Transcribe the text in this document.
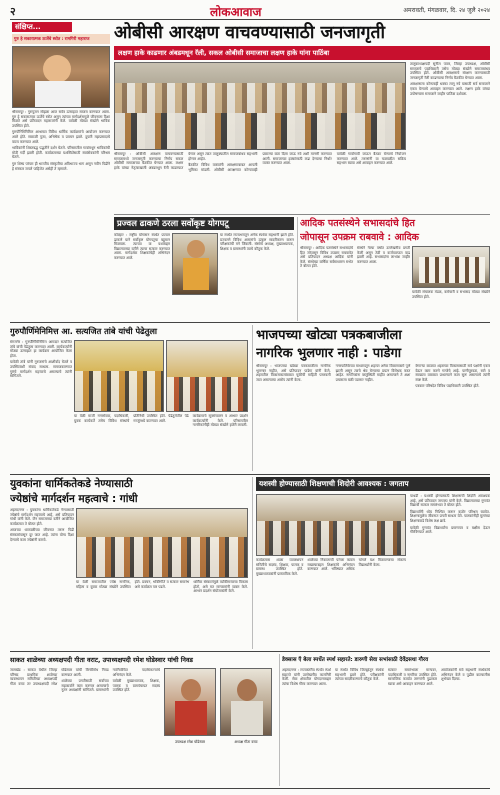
२	लोकआवाज	अमरावती, मंगळवार, दि. २४ जुलै २०२४
संक्षिप्त...
गुरु हे सकारात्मक ऊर्जेचे स्त्रोत : रामगिरी महाराज

श्रीरामपूर : गुरुपूजन सोहळा आज सर्वत्र उत्साहात साजरा करण्यात आला. गुरु हे सकारात्मक ऊर्जेचे स्त्रोत असून त्यांच्या मार्गदर्शनामुळे जीवनाला दिशा मिळते असे प्रतिपादन महाराजांनी केले. यावेळी मोठ्या संख्येने भाविक उपस्थित होते.

गुरुपौर्णिमेनिमित्त आश्रमात विविध धार्मिक कार्यक्रमांचे आयोजन करण्यात आले होते. सकाळी पूजा, अभिषेक व प्रवचन झाले. दुपारी महाप्रसादाचे वाटप करण्यात आले.

भाविकांनी शिस्तबद्ध पद्धतीने दर्शन घेतले. परिसरातील गावांमधून भाविकांची मोठी गर्दी झाली होती. कार्यक्रमाच्या यशस्वितेसाठी स्वयंसेवकांनी परिश्रम घेतले.

गुरु शिष्य परंपरा ही भारतीय संस्कृतीचा अविभाज्य भाग असून नवीन पिढीने हे संस्कार जपले पाहिजेत असेही ते म्हणाले.

ओबीसी आरक्षण वाचवण्यासाठी जनजागृती
लक्षण हाके काढणार अंबडमधून रॅली, सकल ओबीसी समाजाचा लक्षण हाके यांना पाठिंबा

तालुकाध्यक्षपदी सुनील पवार, जिल्हा उपाध्यक्ष, ओबीसी समाजाचे पदाधिकारी तसेच मोठ्या संख्येने समाजबांधव उपस्थित होते. ओबीसी आरक्षणाचे संरक्षण करण्यासाठी जनजागृती रॅली काढण्याचा निर्णय बैठकीत घेण्यात आला.

आरक्षणाला कोणताही धक्का लागू नये यासाठी सर्व समाजाने एकत्र येण्याचे आवाहन करण्यात आले. लक्षण हाके यांच्या उपोषणाला समाजाने जाहीर पाठिंबा दर्शवला.

श्रीरामपूर : ओबीसी आरक्षण वाचवण्यासाठी समाजामध्ये जनजागृती करण्याचा निर्णय सकल ओबीसी समाजाच्या बैठकीत घेण्यात आला. लक्षण हाके यांच्या नेतृत्वाखाली अंबडमधून रॅली काढण्यात येणार असून त्यात तालुक्यातील समाजबांधव सहभागी होणार आहेत.

बैठकीत विविध वक्त्यांनी आरक्षणाबाबत आपली भूमिका मांडली. ओबीसी आरक्षणात कोणत्याही प्रकारचा वाटा दिला जाऊ नये अशी मागणी करण्यात आली. समाजाच्या हक्कांसाठी लढा देण्याचा निर्धार व्यक्त करण्यात आला.

यावेळी गावोगावी जाऊन बैठका घेण्याचे नियोजन करण्यात आले. तरुणांनी या चळवळीत सक्रिय सहभाग घ्यावा असे आवाहन करण्यात आले.

प्रज्वल ढाकणे ठरला सर्वोकृष्ट योगपटू

कोल्हार : राष्ट्रीय योगासन स्पर्धेत प्रज्वल ढाकणे याने सर्वोकृष्ट योगपटूचा बहुमान मिळवला. त्याच्या या यशाबद्दल विद्यालयाच्या वतीने त्याचा सत्कार करण्यात आला. मार्गदर्शक शिक्षकांचेही अभिनंदन करण्यात आले.

या स्पर्धेत राज्यभरातून अनेक स्पर्धक सहभागी झाले होते. प्रज्वलने विविध आसनांचे उत्कृष्ट सादरीकरण करून परीक्षकांची मने जिंकली. संस्थेचे अध्यक्ष, मुख्याध्यापक, शिक्षक व ग्रामस्थांनी त्याचे कौतुक केले.

आदिक पतसंस्थेने सभासदांचे हित
जोपासून उपक्रम राबवावे : आदिक

श्रीरामपूर : आदिक पतसंस्थेने सभासदांचे हित जोपासून विविध उपक्रम राबवावेत असे प्रतिपादन अध्यक्ष आदिक यांनी केले. संस्थेच्या वार्षिक सर्वसाधारण सभेत ते बोलत होते.

संस्थेने गेल्या वर्षात उल्लेखनीय प्रगती केली असून ठेवी व कर्जवाटपात वाढ झाली आहे. सभासदांना लाभांश जाहीर करण्यात आला.

यावेळी संचालक मंडळ, कर्मचारी व सभासद मोठ्या संख्येने उपस्थित होते.

गुरुपौर्णिमेनिमित्त आ. सत्यजित तांबे यांची पेढेतुला

संगमनेर : गुरुपौर्णिमेनिमित्त आमदार सत्यजित तांबे यांची पेढेतुला करण्यात आली. कार्यकर्त्यांनी मोठ्या उत्साहात हा कार्यक्रम आयोजित केला होता.

यावेळी तांबे यांनी गुरुजनांचे आशीर्वाद घेतले व उपस्थितांशी संवाद साधला. समाजकारणात गुरुंचे मार्गदर्शन महत्त्वाचे असल्याचे त्यांनी सांगितले.

या वेळी माजी नगरसेवक, पदाधिकारी, युवक कार्यकर्ते तसेच विविध संस्थांचे प्रतिनिधी उपस्थित होते. पेढेतुलेतील पेढे गरजूंमध्ये वाटण्यात आले.

कार्यक्रमाचे सूत्रसंचालन व आभार प्रदर्शन कार्यकर्त्यांनी केले. परिसरातील नागरिकांनीही मोठ्या संख्येने हजेरी लावली.

भाजपच्या खोट्या पत्रकबाजीला
नागरिक भुलणार नाही : पाडेगा

श्रीरामपूर : भाजपच्या खोट्या पत्रकबाजीला नागरिक भुलणार नाहीत, असे प्रतिपादन पाडेगा यांनी केले. शहरातील विकासकामांबाबत चुकीची माहिती पसरवली जात असल्याचा आरोप त्यांनी केला.

नगरपालिकेच्या माध्यमातून शहरात अनेक विकासकामे पूर्ण झाली असून त्याचे श्रेय घेण्याचा प्रयत्न विरोधक करत आहेत. नागरिकांना वस्तुस्थिती माहीत असल्याने ते अशा प्रचाराला बळी पडणार नाहीत.

येणाऱ्या काळात शहराच्या विकासासाठी सर्व पक्षांनी एकत्र येऊन काम करणे गरजेचे आहे. पाणीपुरवठा, रस्ते व स्वच्छता याबाबत प्राधान्याने काम सुरू असल्याचे त्यांनी स्पष्ट केले.

पत्रकार परिषदेत विविध पदाधिकारी उपस्थित होते.

युवकांना धार्मिकतेकडे नेण्यासाठी
ज्येष्ठांचे मार्गदर्शन महत्वाचे : गांधी

अहमदनगर : युवकांना धार्मिकतेकडे नेण्यासाठी ज्येष्ठांचे मार्गदर्शन महत्त्वाचे आहे, असे प्रतिपादन गांधी यांनी केले. जैन समाजाच्या वतीने आयोजित कार्यक्रमात ते बोलत होते.

आजच्या धावपळीच्या जीवनात तरुण पिढी संस्कारांपासून दूर जात आहे. त्यांना योग्य दिशा देण्याचे काम ज्येष्ठांनी करावे.

या वेळी समाजातील ज्येष्ठ नागरिक, महिला व युवक मोठ्या संख्येने उपस्थित होते. प्रवचन, भक्तिगीते व सत्कार समारंभ असे कार्यक्रम पार पडले.

धार्मिक संस्कारांमुळे व्यक्तिमत्त्वाचा विकास होतो, असे मत मान्यवरांनी व्यक्त केले. आभार प्रदर्शन संयोजकांनी केले.

यशस्वी होण्यासाठी शिक्षणाची शिदोरी आवश्यक : जगताप

पाथर्डी : यशस्वी होण्यासाठी शिक्षणाची शिदोरी आवश्यक आहे, असे प्रतिपादन जगताप यांनी केले. विद्यालयाच्या गुणवंत विद्यार्थी सत्कार समारंभात ते बोलत होते.

विद्यार्थ्यांनी ध्येय निश्चित करून कठोर परिश्रम घ्यावेत. शिक्षणामुळेच जीवनात प्रगती साधता येते. पालकांनीही मुलांच्या शिक्षणाकडे विशेष लक्ष द्यावे.

यावेळी गुणवंत विद्यार्थ्यांना प्रमाणपत्र व बक्षीस देऊन गौरविण्यात आले.

कार्यक्रमास शाळा व्यवस्थापन समितीचे सदस्य, शिक्षक, पालक व ग्रामस्थ उपस्थित होते. मुख्याध्यापकांनी प्रास्ताविक केले.

शाळेच्या निकालाची परंपरा कायम राखल्याबद्दल शिक्षकांचे अभिनंदन करण्यात आले. भविष्यात अधिक चांगले यश मिळवण्याचा संकल्प विद्यार्थ्यांनी केला.

साकत शाळेच्या अध्यक्षपदी गीता वराट, उपाध्यक्षपदी रमेश घोडेस्वार यांची निवड

जामखेड : साकत येथील जिल्हा परिषद प्राथमिक शाळेच्या व्यवस्थापन समितीच्या अध्यक्षपदी गीता वराट तर उपाध्यक्षपदी रमेश घोडेस्वार यांची बिनविरोध निवड करण्यात आली.

शाळेच्या प्रगतीसाठी सर्वांच्या सहकार्याने काम करणार असल्याचे नूतन अध्यक्षांनी सांगितले. ग्रामस्थांनी नवनिर्वाचित पदाधिकाऱ्यांचे अभिनंदन केले.

यावेळी मुख्याध्यापक, शिक्षक, पालक व ग्रामपंचायत सदस्य उपस्थित होते.

उपाध्यक्ष रमेश घोडेस्वार	अध्यक्ष गीता वराट
डेक्सास ऍ बेला स्पर्धेत स्पर्श सहारते: डारुणी सेवा सभांसाठी देवेंद्रसथा गौरव

अहमदनगर : राज्यस्तरीय स्पर्धेत स्पर्श सहारते यांनी उल्लेखनीय कामगिरी केली. सेवा क्षेत्रातील योगदानाबद्दल त्यांचा विशेष गौरव करण्यात आला.

या स्पर्धेत विविध जिल्ह्यांतून स्पर्धक सहभागी झाले होते. परीक्षकांनी त्यांच्या सादरीकरणाचे कौतुक केले.

सत्कार समारंभाला मान्यवर, पदाधिकारी व नागरिक उपस्थित होते. सामाजिक कार्यात तरुणांनी पुढाकार घ्यावा असे आवाहन करण्यात आले.

आयोजकांनी सर्व सहभागी स्पर्धकांचे अभिनंदन केले व पुढील वाटचालीस शुभेच्छा दिल्या.
